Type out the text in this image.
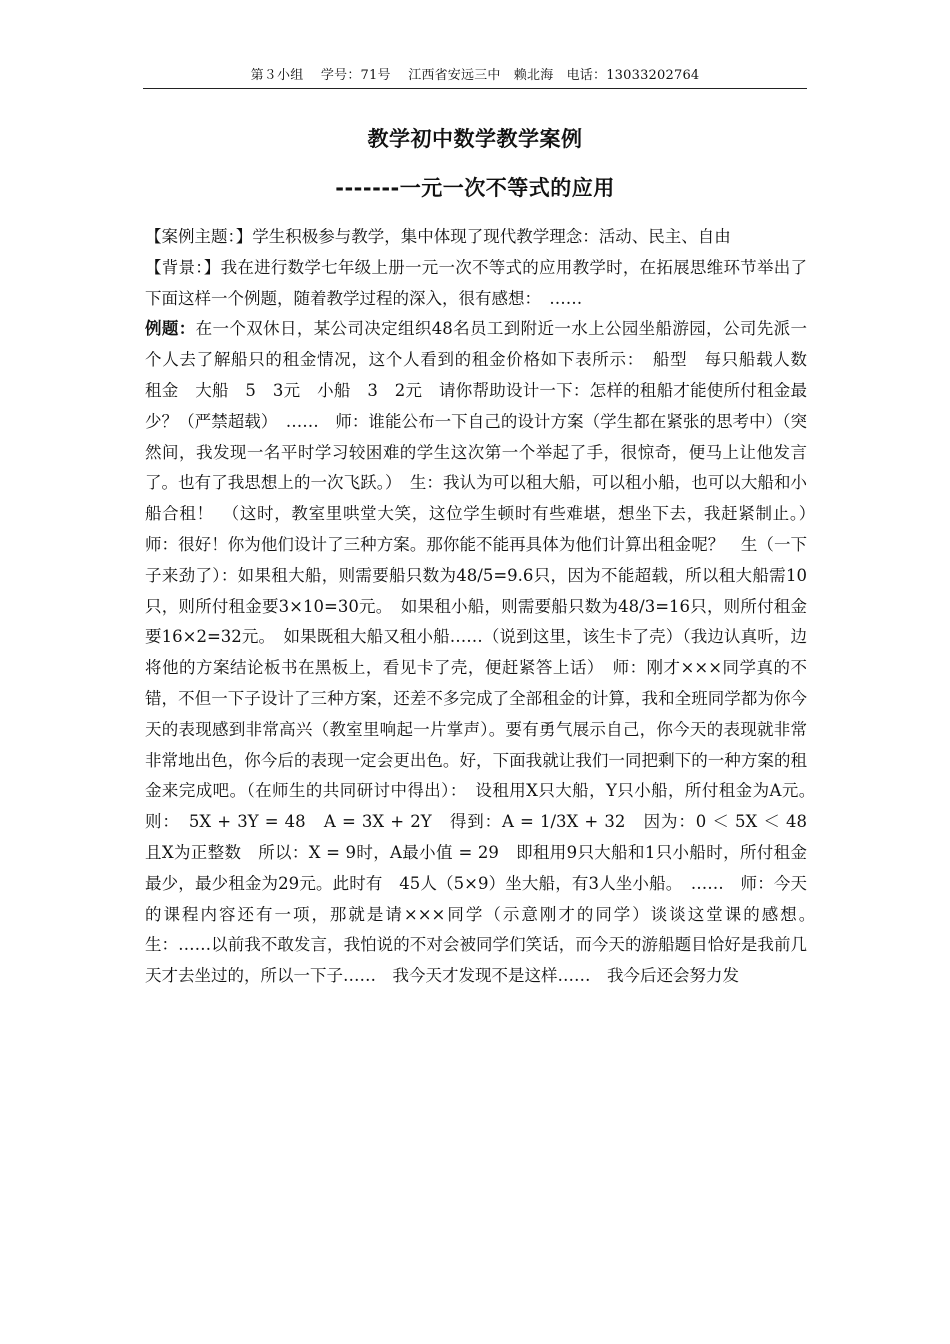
第３小组　 学号：71号　 江西省安远三中　赖北海　电话：13033202764
教学初中数学教学案例
-------一元一次不等式的应用

【案例主题：】学生积极参与教学，集中体现了现代教学理念：活动、民主、自由

【背景：】我在进行数学七年级上册一元一次不等式的应用教学时，在拓展思维环节举出了下面这样一个例题，随着教学过程的深入，很有感想：　……

例题：在一个双休日，某公司决定组织48名员工到附近一水上公园坐船游园，公司先派一个人去了解船只的租金情况，这个人看到的租金价格如下表所示：　船型　每只船载人数　租金　大船　5　3元　小船　3　2元　请你帮助设计一下：怎样的租船才能使所付租金最少？（严禁超载）　……　师：谁能公布一下自己的设计方案（学生都在紧张的思考中）（突然间，我发现一名平时学习较困难的学生这次第一个举起了手，很惊奇，便马上让他发言了。也有了我思想上的一次飞跃。）　生：我认为可以租大船，可以租小船，也可以大船和小船合租！　（这时，教室里哄堂大笑，这位学生顿时有些难堪，想坐下去，我赶紧制止。）　师：很好！你为他们设计了三种方案。那你能不能再具体为他们计算出租金呢？　生（一下子来劲了）：如果租大船，则需要船只数为48/5=9.6只，因为不能超载，所以租大船需10只，则所付租金要3×10=30元。　如果租小船，则需要船只数为48/3=16只，则所付租金要16×2=32元。　如果既租大船又租小船……（说到这里，该生卡了壳）（我边认真听，边将他的方案结论板书在黑板上，看见卡了壳，便赶紧答上话）　师：刚才×××同学真的不错，不但一下子设计了三种方案，还差不多完成了全部租金的计算，我和全班同学都为你今天的表现感到非常高兴（教室里响起一片掌声）。要有勇气展示自己，你今天的表现就非常非常地出色，你今后的表现一定会更出色。好，下面我就让我们一同把剩下的一种方案的租金来完成吧。（在师生的共同研讨中得出）：　设租用X只大船，Y只小船，所付租金为A元。　则：　5X + 3Y = 48　A = 3X + 2Y　得到：A = 1/3X + 32　因为：0 ＜ 5X ＜ 48　且X为正整数　所以：X = 9时，A最小值 = 29　即租用9只大船和1只小船时，所付租金最少，最少租金为29元。此时有　45人（5×9）坐大船，有3人坐小船。　……　师：今天的课程内容还有一项，那就是请×××同学（示意刚才的同学）谈谈这堂课的感想。　生：……以前我不敢发言，我怕说的不对会被同学们笑话，而今天的游船题目恰好是我前几天才去坐过的，所以一下子……　我今天才发现不是这样……　我今后还会努力发
